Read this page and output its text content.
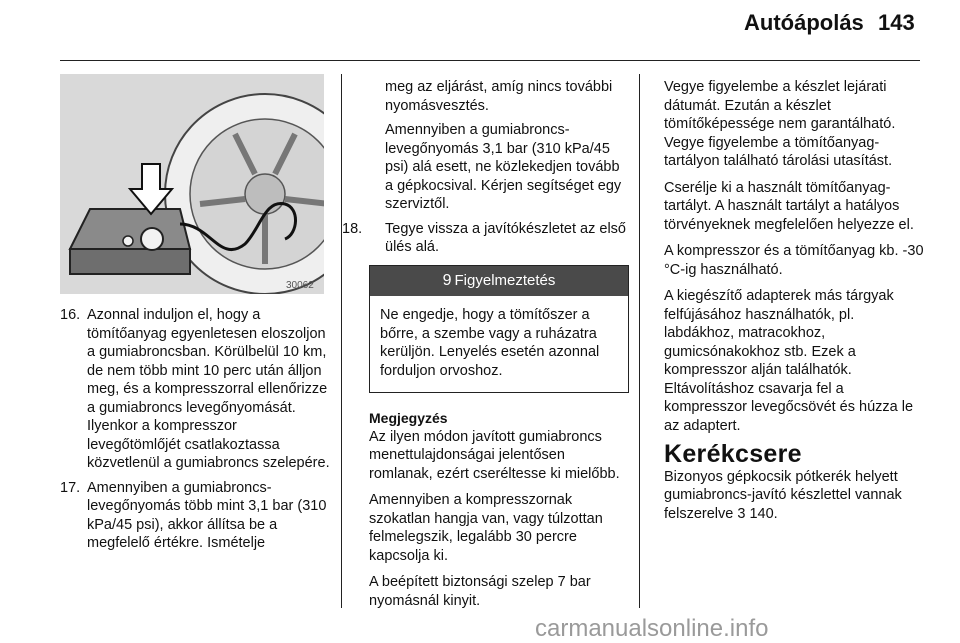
Autóápolás 143
30062
16. Azonnal induljon el, hogy a tömítőanyag egyenletesen eloszoljon a gumiabroncsban. Körülbelül 10 km, de nem több mint 10 perc után álljon meg, és a kompresszorral ellenőrizze a gumiabroncs levegőnyomását. Ilyenkor a kompresszor levegőtömlőjét csatlakoztassa közvetlenül a gumiabroncs szelepére.
17. Amennyiben a gumiabroncs-levegőnyomás több mint 3,1 bar (310 kPa/45 psi), akkor állítsa be a megfelelő értékre. Ismételje

meg az eljárást, amíg nincs további nyomásvesztés.

Amennyiben a gumiabroncs-levegőnyomás 3,1 bar (310 kPa/45 psi) alá esett, ne közlekedjen tovább a gépkocsival. Kérjen segítséget egy szerviztől.

18. Tegye vissza a javítókészletet az első ülés alá.
9 Figyelmeztetés
Ne engedje, hogy a tömítőszer a bőrre, a szembe vagy a ruházatra kerüljön. Lenyelés esetén azonnal forduljon orvoshoz.
Megjegyzés

Az ilyen módon javított gumiabroncs menettulajdonságai jelentősen romlanak, ezért cseréltesse ki mielőbb.

Amennyiben a kompresszornak szokatlan hangja van, vagy túlzottan felmelegszik, legalább 30 percre kapcsolja ki.

A beépített biztonsági szelep 7 bar nyomásnál kinyit.

Vegye figyelembe a készlet lejárati dátumát. Ezután a készlet tömítőképessége nem garantálható. Vegye figyelembe a tömítőanyag-tartályon található tárolási utasítást.

Cserélje ki a használt tömítőanyag-tartályt. A használt tartályt a hatályos törvényeknek megfelelően helyezze el.

A kompresszor és a tömítőanyag kb. -30 °C-ig használható.

A kiegészítő adapterek más tárgyak felfújásához használhatók, pl. labdákhoz, matracokhoz, gumicsónakokhoz stb. Ezek a kompresszor alján találhatók. Eltávolításhoz csavarja fel a kompresszor levegőcsövét és húzza le az adaptert.

Kerékcsere

Bizonyos gépkocsik pótkerék helyett gumiabroncs-javító készlettel vannak felszerelve 3 140.

carmanualsonline.info
